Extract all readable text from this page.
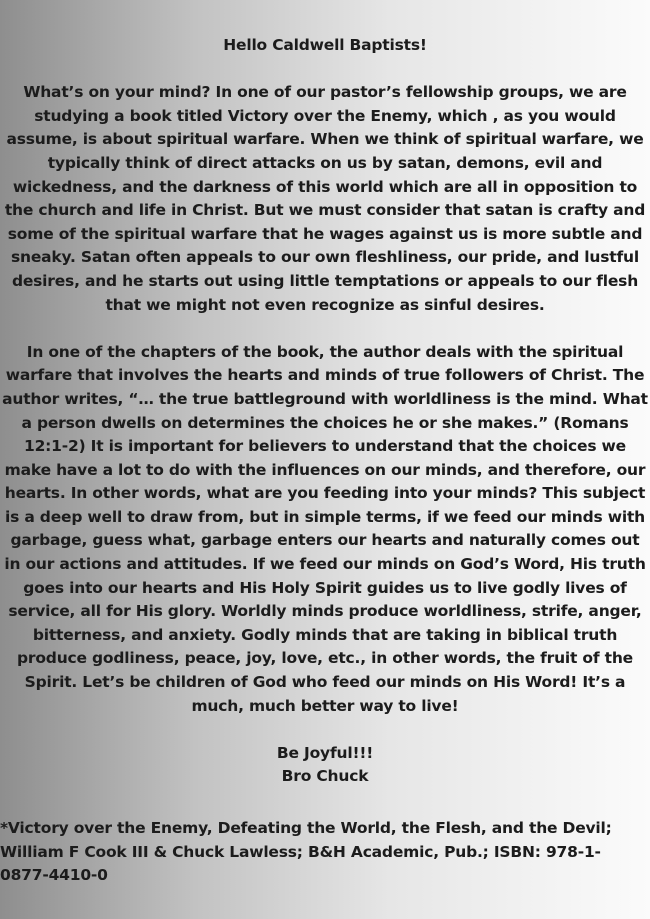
Hello Caldwell Baptists!

What’s on your mind? In one of our pastor’s fellowship groups, we are studying a book titled Victory over the Enemy, which , as you would assume, is about spiritual warfare. When we think of spiritual warfare, we typically think of direct attacks on us by satan, demons, evil and wickedness, and the darkness of this world which are all in opposition to the church and life in Christ. But we must consider that satan is crafty and some of the spiritual warfare that he wages against us is more subtle and sneaky. Satan often appeals to our own fleshliness, our pride, and lustful desires, and he starts out using little temptations or appeals to our flesh that we might not even recognize as sinful desires.

In one of the chapters of the book, the author deals with the spiritual warfare that involves the hearts and minds of true followers of Christ. The author writes, “… the true battleground with worldliness is the mind. What a person dwells on determines the choices he or she makes.” (Romans 12:1-2) It is important for believers to understand that the choices we make have a lot to do with the influences on our minds, and therefore, our hearts. In other words, what are you feeding into your minds? This subject is a deep well to draw from, but in simple terms, if we feed our minds with garbage, guess what, garbage enters our hearts and naturally comes out in our actions and attitudes. If we feed our minds on God’s Word, His truth goes into our hearts and His Holy Spirit guides us to live godly lives of service, all for His glory. Worldly minds produce worldliness, strife, anger, bitterness, and anxiety. Godly minds that are taking in biblical truth produce godliness, peace, joy, love, etc., in other words, the fruit of the Spirit. Let’s be children of God who feed our minds on His Word! It’s a much, much better way to live!

Be Joyful!!!

Bro Chuck

*Victory over the Enemy, Defeating the World, the Flesh, and the Devil; William F Cook III & Chuck Lawless; B&H Academic, Pub.; ISBN: 978-1-0877-4410-0
